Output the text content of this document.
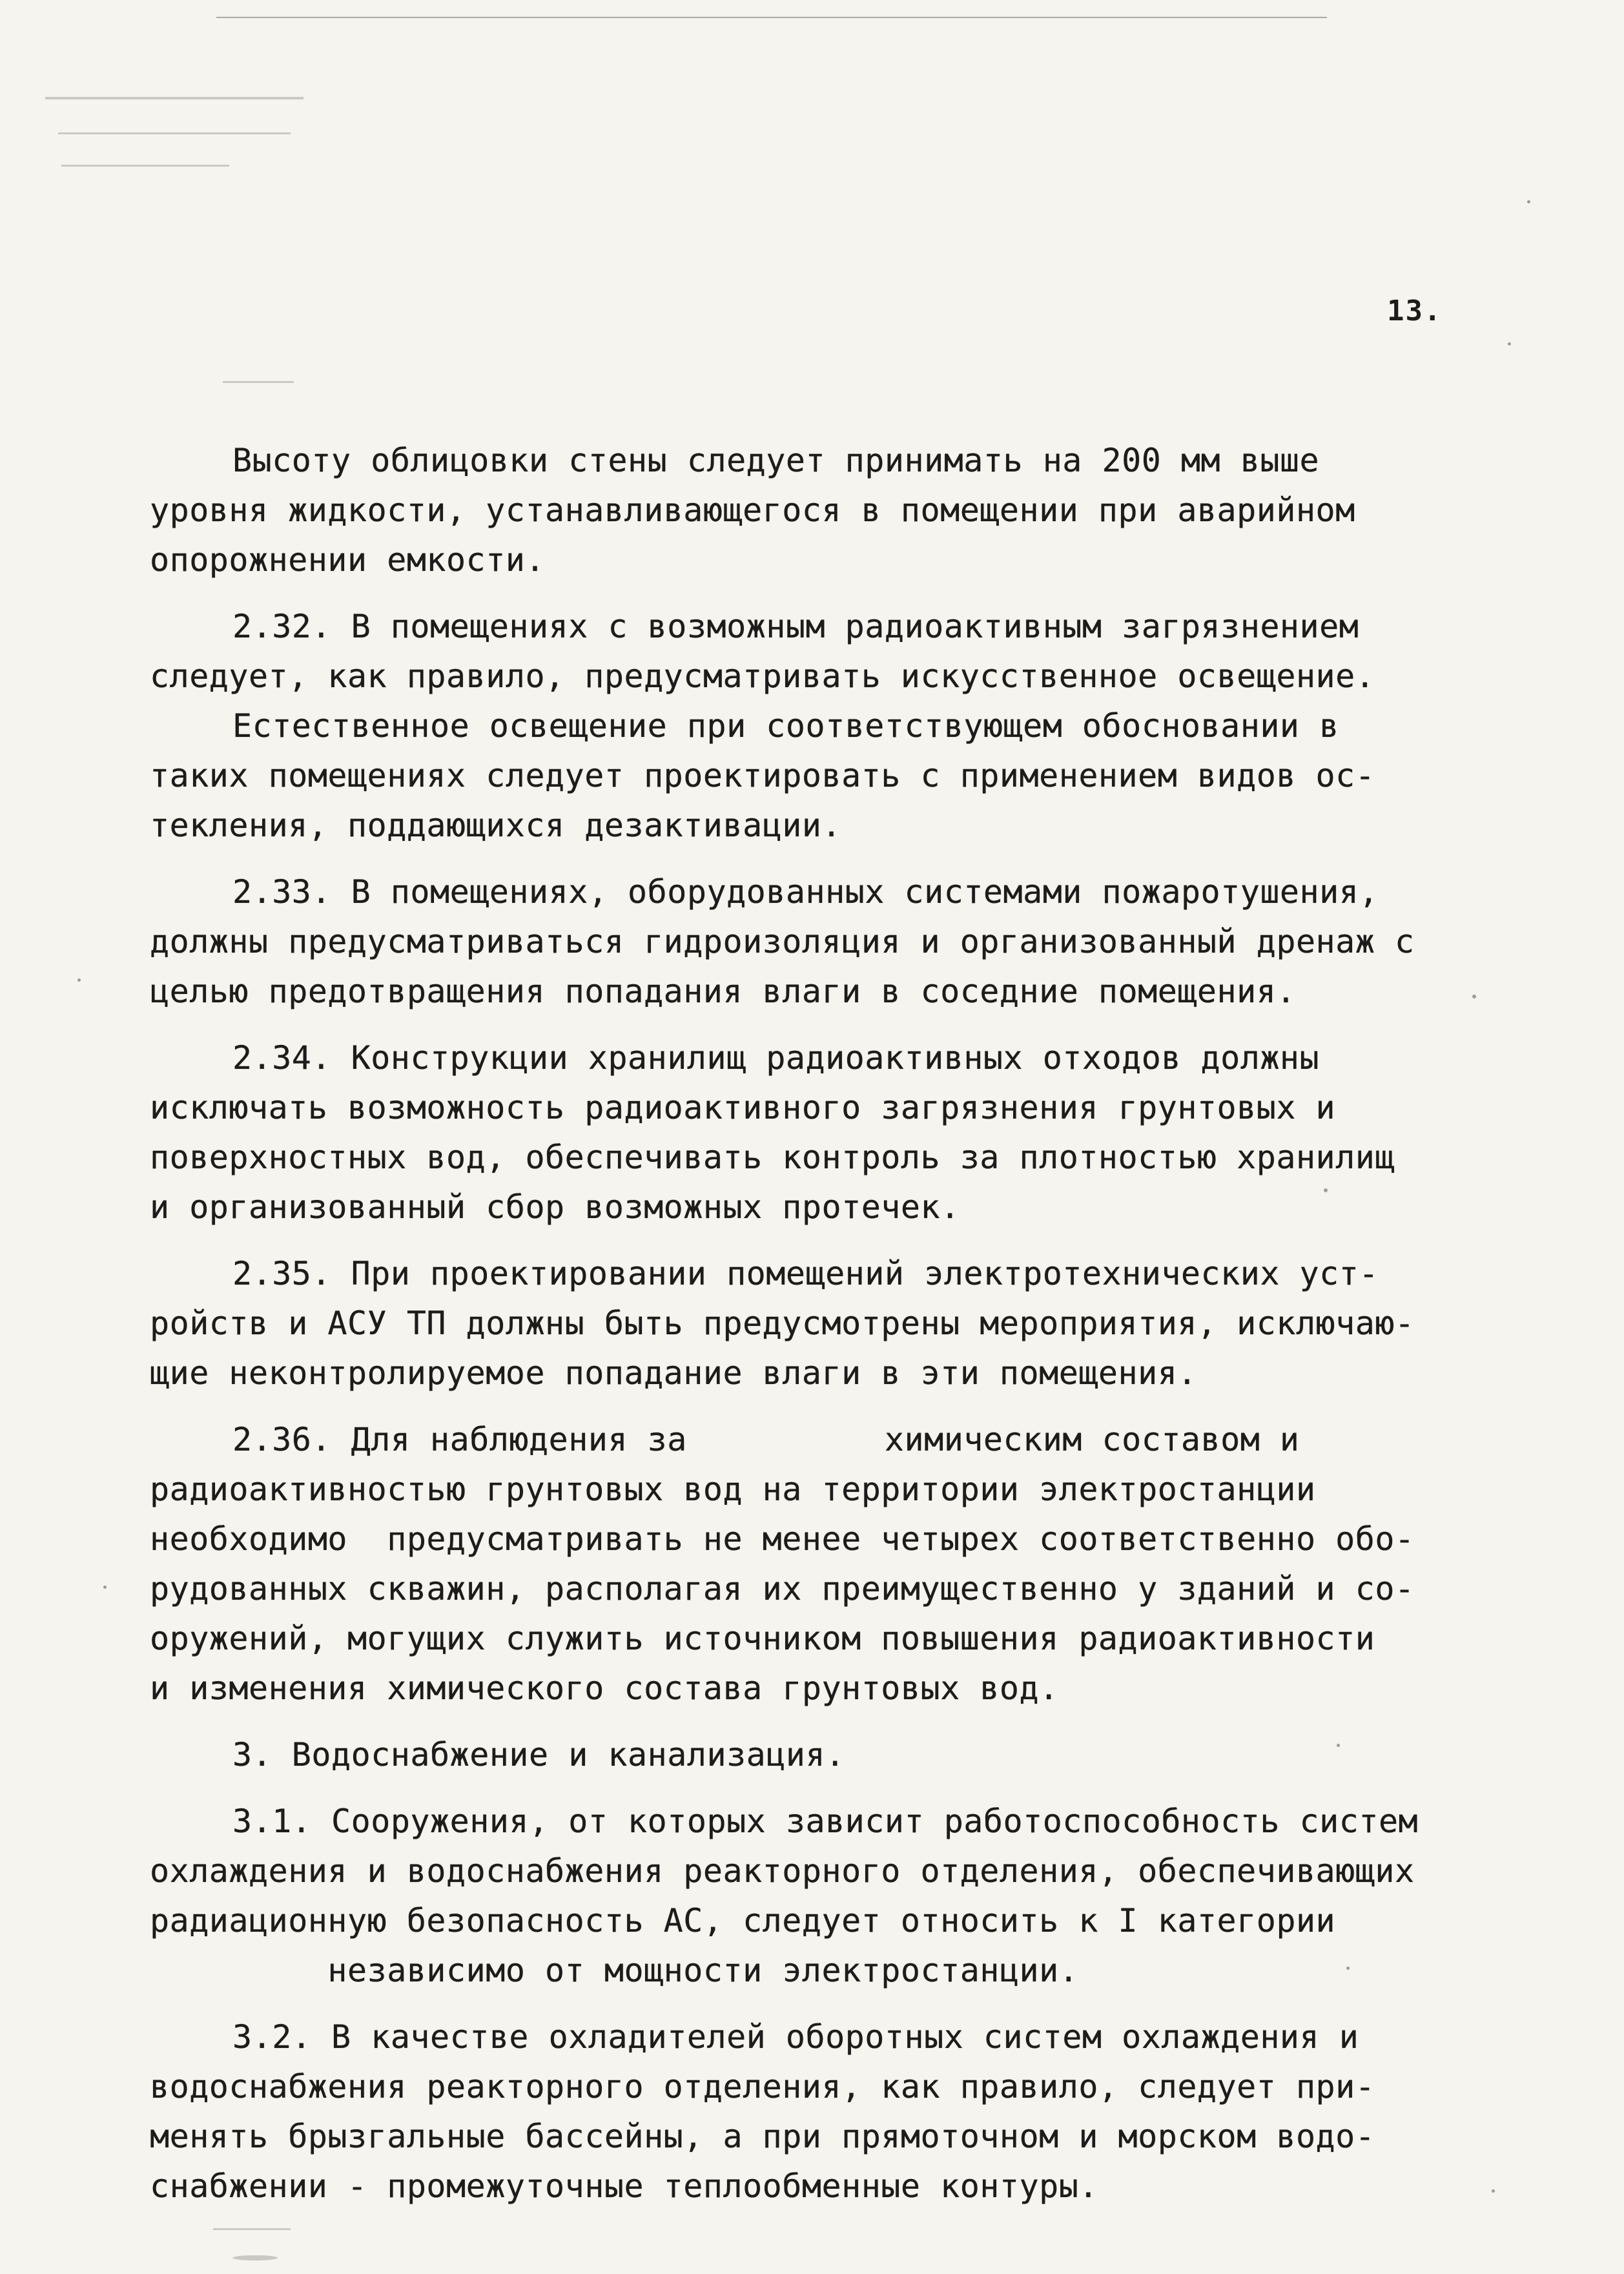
13.
Высоту облицовки стены следует принимать на 200 мм выше
уровня жидкости, устанавливающегося в помещении при аварийном
опорожнении емкости.
2.32. В помещениях с возможным радиоактивным загрязнением
следует, как правило, предусматривать искусственное освещение.
Естественное освещение при соответствующем обосновании в
таких помещениях следует проектировать с применением видов ос-
текления, поддающихся дезактивации.
2.33. В помещениях, оборудованных системами пожаротушения,
должны предусматриваться гидроизоляция и организованный дренаж с
целью предотвращения попадания влаги в соседние помещения.
2.34. Конструкции хранилищ радиоактивных отходов должны
исключать возможность радиоактивного загрязнения грунтовых и
поверхностных вод, обеспечивать контроль за плотностью хранилищ
и организованный сбор возможных протечек.
2.35. При проектировании помещений электротехнических уст-
ройств и АСУ ТП должны быть предусмотрены мероприятия, исключаю-
щие неконтролируемое попадание влаги в эти помещения.
2.36. Для наблюдения за          химическим составом и
радиоактивностью грунтовых вод на территории электростанции
необходимо  предусматривать не менее четырех соответственно обо-
рудованных скважин, располагая их преимущественно у зданий и со-
оружений, могущих служить источником повышения радиоактивности
и изменения химического состава грунтовых вод.
3. Водоснабжение и канализация.
3.1. Сооружения, от которых зависит работоспособность систем
охлаждения и водоснабжения реакторного отделения, обеспечивающих
радиационную безопасность АС, следует относить к I категории
независимо от мощности электростанции.
3.2. В качестве охладителей оборотных систем охлаждения и
водоснабжения реакторного отделения, как правило, следует при-
менять брызгальные бассейны, а при прямоточном и морском водо-
снабжении - промежуточные теплообменные контуры.
